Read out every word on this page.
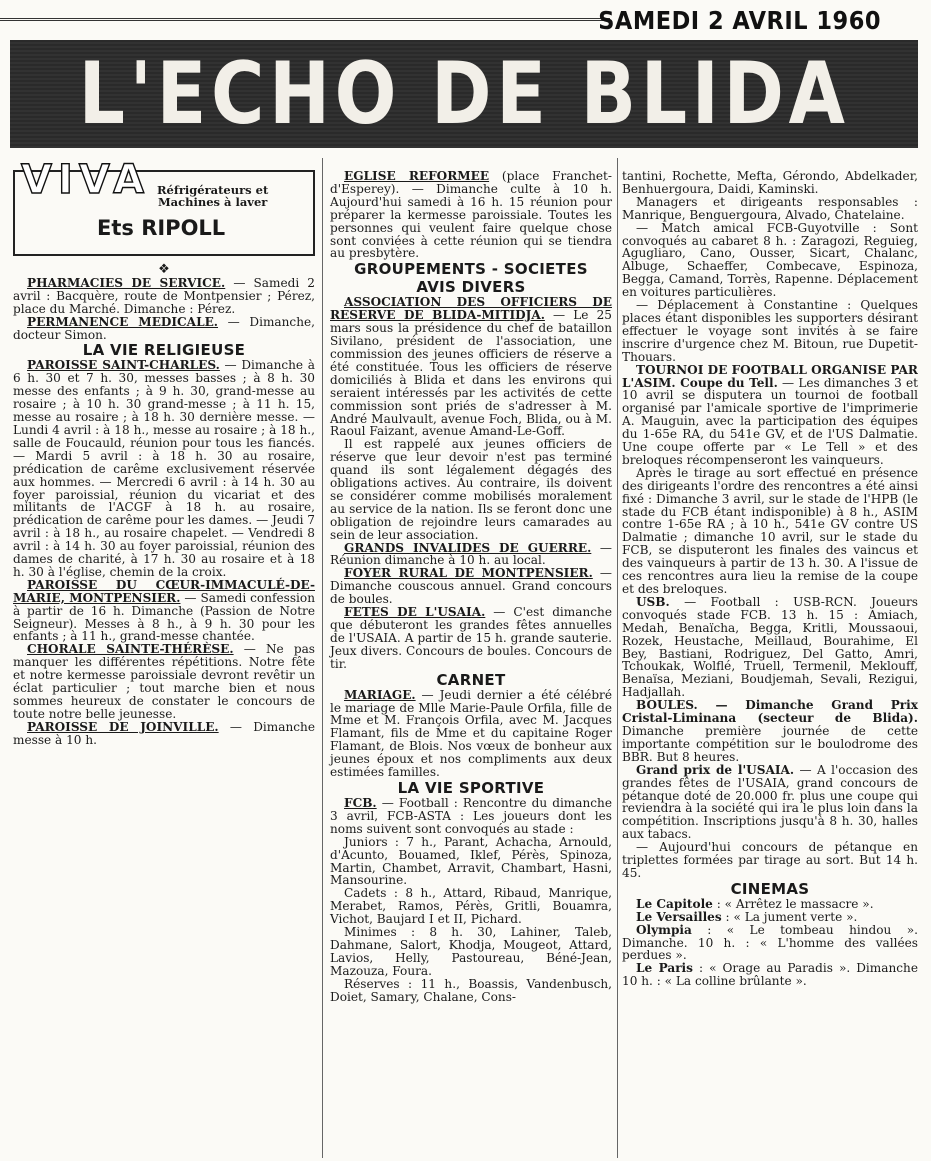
SAMEDI 2 AVRIL 1960
L'ECHO DE BLIDA
VIVA Réfrigérateurs et
Machines à laver
Ets RIPOLL

❖

PHARMACIES DE SERVICE. — Samedi 2 avril : Bacquère, route de Montpensier ; Pérez, place du Marché. Dimanche : Pérez.

PERMANENCE MEDICALE. — Dimanche, docteur Simon.

LA VIE RELIGIEUSE

PAROISSE SAINT-CHARLES. — Dimanche à 6 h. 30 et 7 h. 30, messes basses ; à 8 h. 30 messe des enfants ; à 9 h. 30, grand-messe au rosaire ; à 10 h. 30 grand-messe ; à 11 h. 15, messe au rosaire ; à 18 h. 30 dernière messe. — Lundi 4 avril : à 18 h., messe au rosaire ; à 18 h., salle de Foucauld, réunion pour tous les fiancés. — Mardi 5 avril : à 18 h. 30 au rosaire, prédication de carême exclusivement réservée aux hommes. — Mercredi 6 avril : à 14 h. 30 au foyer paroissial, réunion du vicariat et des militants de l'ACGF à 18 h. au rosaire, prédication de carême pour les dames. — Jeudi 7 avril : à 18 h., au rosaire chapelet. — Vendredi 8 avril : à 14 h. 30 au foyer paroissial, réunion des dames de charité, à 17 h. 30 au rosaire et à 18 h. 30 à l'église, chemin de la croix.

PAROISSE DU CŒUR-IMMACULÉ-DE-MARIE, MONTPENSIER. — Samedi confession à partir de 16 h. Dimanche (Passion de Notre Seigneur). Messes à 8 h., à 9 h. 30 pour les enfants ; à 11 h., grand-messe chantée.

CHORALE SAINTE-THÉRÈSE. — Ne pas manquer les différentes répétitions. Notre fête et notre kermesse paroissiale devront revêtir un éclat particulier ; tout marche bien et nous sommes heureux de constater le concours de toute notre belle jeunesse.

PAROISSE DE JOINVILLE. — Dimanche messe à 10 h.

EGLISE REFORMEE (place Franchet-d'Esperey). — Dimanche culte à 10 h. Aujourd'hui samedi à 16 h. 15 réunion pour préparer la kermesse paroissiale. Toutes les personnes qui veulent faire quelque chose sont conviées à cette réunion qui se tiendra au presbytère.

GROUPEMENTS - SOCIETES

AVIS DIVERS

ASSOCIATION DES OFFICIERS DE RESERVE DE BLIDA-MITIDJA. — Le 25 mars sous la présidence du chef de bataillon Sivilano, président de l'association, une commission des jeunes officiers de réserve a été constituée. Tous les officiers de réserve domiciliés à Blida et dans les environs qui seraient intéressés par les activités de cette commission sont priés de s'adresser à M. André Maulvault, avenue Foch, Blida, ou à M. Raoul Faizant, avenue Amand-Le-Goff.

Il est rappelé aux jeunes officiers de réserve que leur devoir n'est pas terminé quand ils sont légalement dégagés des obligations actives. Au contraire, ils doivent se considérer comme mobilisés moralement au service de la nation. Ils se feront donc une obligation de rejoindre leurs camarades au sein de leur association.

GRANDS INVALIDES DE GUERRE. — Réunion dimanche à 10 h. au local.

FOYER RURAL DE MONTPENSIER. — Dimanche couscous annuel. Grand concours de boules.

FETES DE L'USAIA. — C'est dimanche que débuteront les grandes fêtes annuelles de l'USAIA. A partir de 15 h. grande sauterie. Jeux divers. Concours de boules. Concours de tir.

CARNET

MARIAGE. — Jeudi dernier a été célébré le mariage de Mlle Marie-Paule Orfila, fille de Mme et M. François Orfila, avec M. Jacques Flamant, fils de Mme et du capitaine Roger Flamant, de Blois. Nos vœux de bonheur aux jeunes époux et nos compliments aux deux estimées familles.

LA VIE SPORTIVE

FCB. — Football : Rencontre du dimanche 3 avril, FCB-ASTA : Les joueurs dont les noms suivent sont convoqués au stade :

Juniors : 7 h., Parant, Achacha, Arnould, d'Acunto, Bouamed, Iklef, Pérès, Spinoza, Martin, Chambet, Arravit, Chambart, Hasni, Mansourine.

Cadets : 8 h., Attard, Ribaud, Manrique, Merabet, Ramos, Pérès, Gritli, Bouamra, Vichot, Baujard I et II, Pichard.

Minimes : 8 h. 30, Lahiner, Taleb, Dahmane, Salort, Khodja, Mougeot, Attard, Lavios, Helly, Pastoureau, Béné-Jean, Mazouza, Foura.

Réserves : 11 h., Boassis, Vandenbusch, Doiet, Samary, Chalane, Cons-

tantini, Rochette, Mefta, Gérondo, Abdelkader, Benhuergoura, Daidi, Kaminski.

Managers et dirigeants responsables : Manrique, Benguergoura, Alvado, Chatelaine.

— Match amical FCB-Guyotville : Sont convoqués au cabaret 8 h. : Zaragozi, Reguieg, Agugliaro, Cano, Ousser, Sicart, Chalanc, Albuge, Schaeffer, Combecave, Espinoza, Begga, Camand, Torrès, Rapenne. Déplacement en voitures particulières.

— Déplacement à Constantine : Quelques places étant disponibles les supporters désirant effectuer le voyage sont invités à se faire inscrire d'urgence chez M. Bitoun, rue Dupetit-Thouars.

TOURNOI DE FOOTBALL ORGANISE PAR L'ASIM. Coupe du Tell. — Les dimanches 3 et 10 avril se disputera un tournoi de football organisé par l'amicale sportive de l'imprimerie A. Mauguin, avec la participation des équipes du 1-65e RA, du 541e GV, et de l'US Dalmatie. Une coupe offerte par « Le Tell » et des breloques récompenseront les vainqueurs.

Après le tirage au sort effectué en présence des dirigeants l'ordre des rencontres a été ainsi fixé : Dimanche 3 avril, sur le stade de l'HPB (le stade du FCB étant indisponible) à 8 h., ASIM contre 1-65e RA ; à 10 h., 541e GV contre US Dalmatie ; dimanche 10 avril, sur le stade du FCB, se disputeront les finales des vaincus et des vainqueurs à partir de 13 h. 30. A l'issue de ces rencontres aura lieu la remise de la coupe et des breloques.

USB. — Football : USB-RCN. Joueurs convoqués stade FCB. 13 h. 15 : Amiach, Medah, Benaïcha, Begga, Kritli, Moussaoui, Rozek, Heustache, Meillaud, Bourahime, El Bey, Bastiani, Rodriguez, Del Gatto, Amri, Tchoukak, Wolflé, Truell, Termenil, Meklouff, Benaïsa, Meziani, Boudjemah, Sevali, Rezigui, Hadjallah.

BOULES. — Dimanche Grand Prix Cristal-Liminana (secteur de Blida). Dimanche première journée de cette importante compétition sur le boulodrome des BBR. But 8 heures.

Grand prix de l'USAIA. — A l'occasion des grandes fêtes de l'USAIA, grand concours de pétanque doté de 20.000 fr. plus une coupe qui reviendra à la société qui ira le plus loin dans la compétition. Inscriptions jusqu'à 8 h. 30, halles aux tabacs.

— Aujourd'hui concours de pétanque en triplettes formées par tirage au sort. But 14 h. 45.

CINEMAS

Le Capitole : « Arrêtez le massacre ».

Le Versailles : « La jument verte ».

Olympia : « Le tombeau hindou ». Dimanche. 10 h. : « L'homme des vallées perdues ».

Le Paris : « Orage au Paradis ». Dimanche 10 h. : « La colline brûlante ».
